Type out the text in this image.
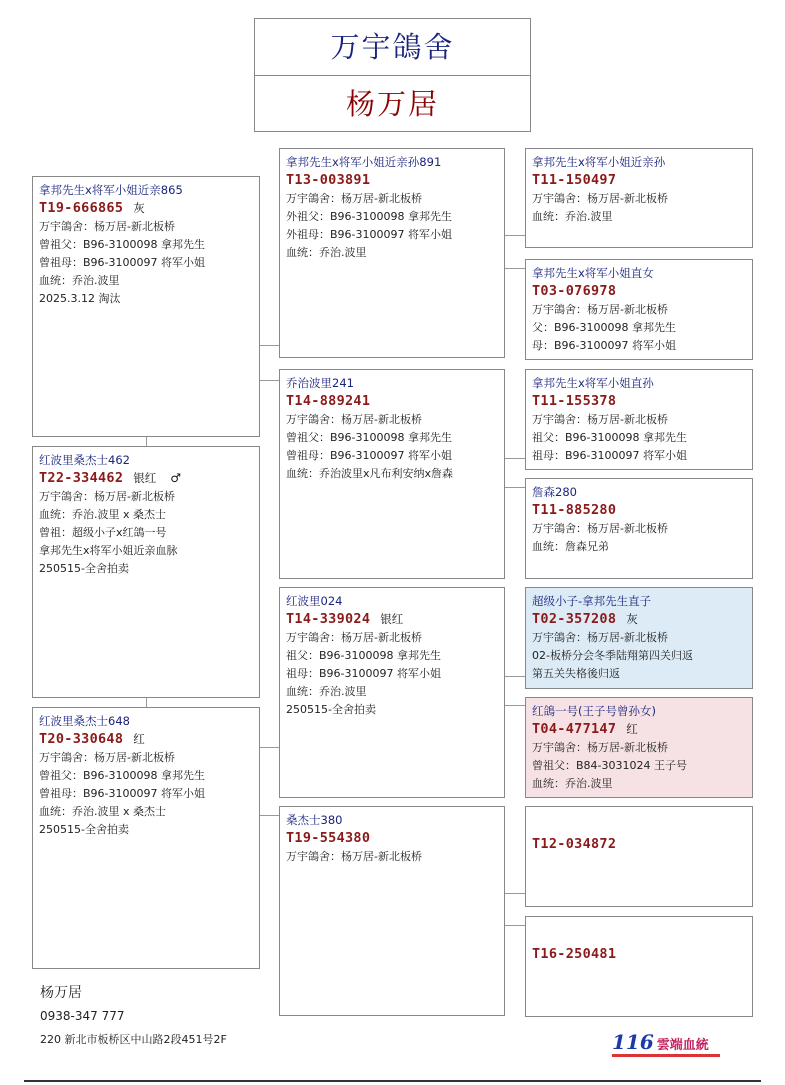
万宇鴿舍
杨万居
拿邦先生x将军小姐近亲865
T19-666865 灰
万宇鴿舍：杨万居-新北板桥
曾祖父：B96-3100098 拿邦先生
曾祖母：B96-3100097 将军小姐
血统：乔治.波里
2025.3.12 淘汰
红波里桑杰士462
T22-334462 银红 ♂
万宇鴿舍：杨万居-新北板桥
血统：乔治.波里 x 桑杰士
曾祖：超级小子x红鴿一号
拿邦先生x将军小姐近亲血脉
250515-全舍拍卖
红波里桑杰士648
T20-330648 红
万宇鴿舍：杨万居-新北板桥
曾祖父：B96-3100098 拿邦先生
曾祖母：B96-3100097 将军小姐
血统：乔治.波里 x 桑杰士
250515-全舍拍卖
拿邦先生x将军小姐近亲孙891
T13-003891
万宇鴿舍：杨万居-新北板桥
外祖父：B96-3100098 拿邦先生
外祖母：B96-3100097 将军小姐
血统：乔治.波里
乔治波里241
T14-889241
万宇鴿舍：杨万居-新北板桥
曾祖父：B96-3100098 拿邦先生
曾祖母：B96-3100097 将军小姐
血统：乔治波里x凡布利安纳x詹森
红波里024
T14-339024 银红
万宇鴿舍：杨万居-新北板桥
祖父：B96-3100098 拿邦先生
祖母：B96-3100097 将军小姐
血统：乔治.波里
250515-全舍拍卖
桑杰士380
T19-554380
万宇鴿舍：杨万居-新北板桥
拿邦先生x将军小姐近亲孙
T11-150497
万宇鴿舍：杨万居-新北板桥
血统：乔治.波里
拿邦先生x将军小姐直女
T03-076978
万宇鴿舍：杨万居-新北板桥
父：B96-3100098 拿邦先生
母：B96-3100097 将军小姐
拿邦先生x将军小姐直孙
T11-155378
万宇鴿舍：杨万居-新北板桥
祖父：B96-3100098 拿邦先生
祖母：B96-3100097 将军小姐
詹森280
T11-885280
万宇鴿舍：杨万居-新北板桥
血统：詹森兄弟
超级小子-拿邦先生直子
T02-357208 灰
万宇鴿舍：杨万居-新北板桥
02-板桥分会冬季陆翔第四关归返
第五关失格後归返
红鴿一号(王子号曾孙女)
T04-477147 红
万宇鴿舍：杨万居-新北板桥
曾祖父：B84-3031024 王子号
血统：乔治.波里
T12-034872
T16-250481
杨万居
0938-347 777
220 新北市板桥区中山路2段451号2F	116 雲端血統
